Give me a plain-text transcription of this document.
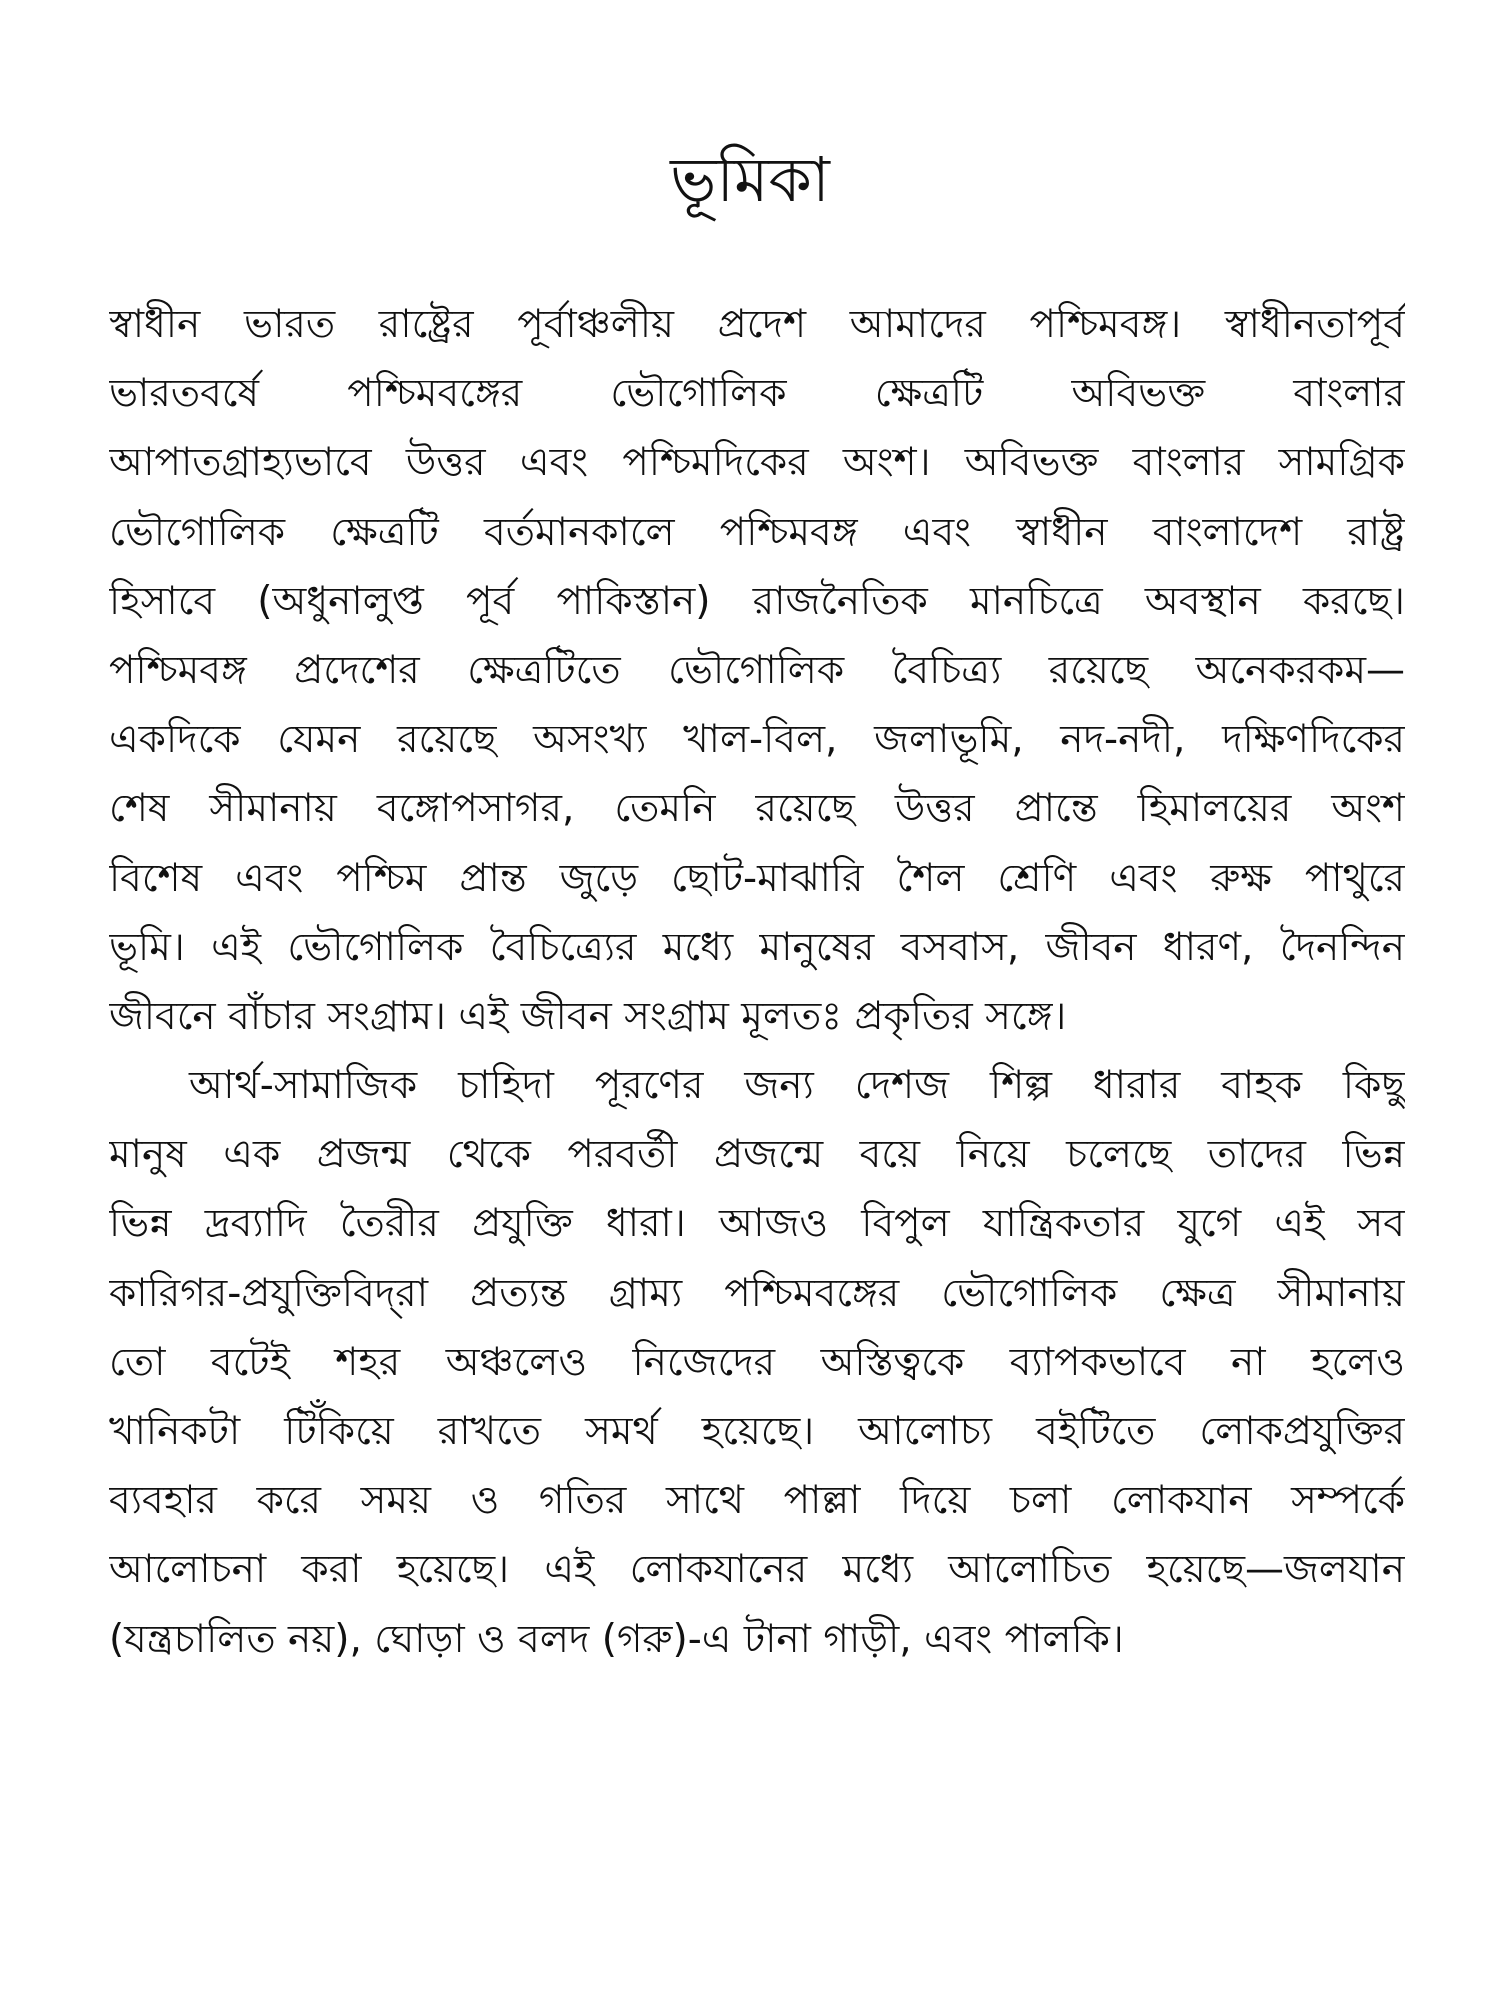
ভূমিকা
স্বাধীন ভারত রাষ্ট্রের পূর্বাঞ্চলীয় প্রদেশ আমাদের পশ্চিমবঙ্গ। স্বাধীনতাপূর্ব
ভারতবর্ষে পশ্চিমবঙ্গের ভৌগোলিক ক্ষেত্রটি অবিভক্ত বাংলার
আপাতগ্রাহ্যভাবে উত্তর এবং পশ্চিমদিকের অংশ। অবিভক্ত বাংলার সামগ্রিক
ভৌগোলিক ক্ষেত্রটি বর্তমানকালে পশ্চিমবঙ্গ এবং স্বাধীন বাংলাদেশ রাষ্ট্র
হিসাবে (অধুনালুপ্ত পূর্ব পাকিস্তান) রাজনৈতিক মানচিত্রে অবস্থান করছে।
পশ্চিমবঙ্গ প্রদেশের ক্ষেত্রটিতে ভৌগোলিক বৈচিত্র্য রয়েছে অনেকরকম—
একদিকে যেমন রয়েছে অসংখ্য খাল-বিল, জলাভূমি, নদ-নদী, দক্ষিণদিকের
শেষ সীমানায় বঙ্গোপসাগর, তেমনি রয়েছে উত্তর প্রান্তে হিমালয়ের অংশ
বিশেষ এবং পশ্চিম প্রান্ত জুড়ে ছোট-মাঝারি শৈল শ্রেণি এবং রুক্ষ পাথুরে
ভূমি। এই ভৌগোলিক বৈচিত্র্যের মধ্যে মানুষের বসবাস, জীবন ধারণ, দৈনন্দিন
জীবনে বাঁচার সংগ্রাম। এই জীবন সংগ্রাম মূলতঃ প্রকৃতির সঙ্গে।
আর্থ-সামাজিক চাহিদা পূরণের জন্য দেশজ শিল্প ধারার বাহক কিছু
মানুষ এক প্রজন্ম থেকে পরবর্তী প্রজন্মে বয়ে নিয়ে চলেছে তাদের ভিন্ন
ভিন্ন দ্রব্যাদি তৈরীর প্রযুক্তি ধারা। আজও বিপুল যান্ত্রিকতার যুগে এই সব
কারিগর-প্রযুক্তিবিদ্‌রা প্রত্যন্ত গ্রাম্য পশ্চিমবঙ্গের ভৌগোলিক ক্ষেত্র সীমানায়
তো বটেই শহর অঞ্চলেও নিজেদের অস্তিত্বকে ব্যাপকভাবে না হলেও
খানিকটা টিঁকিয়ে রাখতে সমর্থ হয়েছে। আলোচ্য বইটিতে লোকপ্রযুক্তির
ব্যবহার করে সময় ও গতির সাথে পাল্লা দিয়ে চলা লোকযান সম্পর্কে
আলোচনা করা হয়েছে। এই লোকযানের মধ্যে আলোচিত হয়েছে—জলযান
(যন্ত্রচালিত নয়), ঘোড়া ও বলদ (গরু)-এ টানা গাড়ী, এবং পালকি।
